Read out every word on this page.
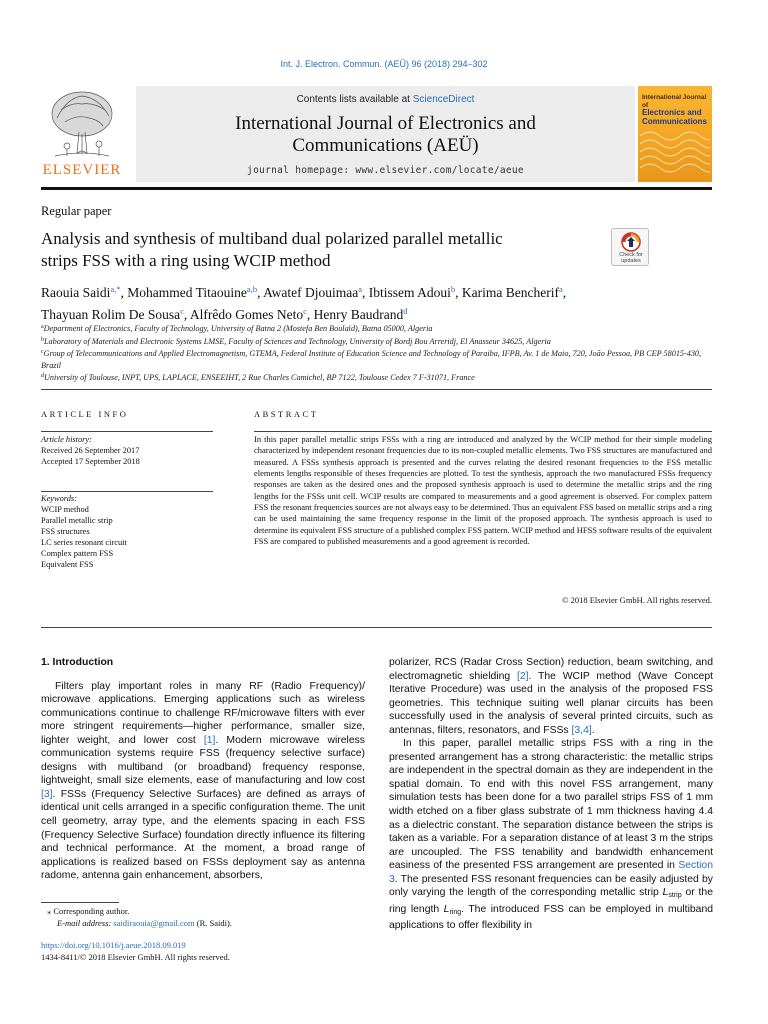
Int. J. Electron. Commun. (AEÜ) 96 (2018) 294–302
ELSEVIER
Contents lists available at ScienceDirect
International Journal of Electronics and
Communications (AEÜ)
journal homepage: www.elsevier.com/locate/aeue
International Journal of
Electronics and
Communications
Regular paper
Analysis and synthesis of multiband dual polarized parallel metallic
strips FSS with a ring using WCIP method	Check for
updates
Raouia Saidi$^{a,*}$, Mohammed Titaouine$^{a,b}$, Awatef Djouimaa$^a$, Ibtissem Adoui$^b$, Karima Bencherif$^a$,
Thayuan Rolim De Sousa$^c$, Alfrêdo Gomes Neto$^c$, Henry Baudrand$^d$
$^a$Department of Electronics, Faculty of Technology, University of Batna 2 (Mostefa Ben Boulaïd), Batna 05000, Algeria
$^b$Laboratory of Materials and Electronic Systems LMSE, Faculty of Sciences and Technology, University of Bordj Bou Arreridj, El Anasseur 34625, Algeria
$^c$Group of Telecommunications and Applied Electromagnetism, GTEMA, Federal Institute of Education Science and Technology of Paraiba, IFPB, Av. 1 de Maio, 720, João Pessoa, PB CEP 58015-430, Brazil
$^d$University of Toulouse, INPT, UPS, LAPLACE, ENSEEIHT, 2 Rue Charles Camichel, BP 7122, Toulouse Cedex 7 F-31071, France
ARTICLE INFO	ABSTRACT
Article history:
Received 26 September 2017
Accepted 17 September 2018
Keywords:
WCIP method
Parallel metallic strip
FSS structures
LC series resonant circuit
Complex pattern FSS
Equivalent FSS
In this paper parallel metallic strips FSSs with a ring are introduced and analyzed by the WCIP method for their simple modeling characterized by independent resonant frequencies due to its non-coupled metallic elements. Two FSS structures are manufactured and measured. A FSSs synthesis approach is presented and the curves relating the desired resonant frequencies to the FSS metallic elements lengths responsible of theses frequencies are plotted. To test the synthesis, approach the two manufactured FSSs frequency responses are taken as the desired ones and the proposed synthesis approach is used to determine the metallic strips and the ring lengths for the FSSs unit cell. WCIP results are compared to measurements and a good agreement is observed. For complex pattern FSS the resonant frequencies sources are not always easy to be determined. Thus an equivalent FSS based on metallic strips and a ring can be used maintaining the same frequency response in the limit of the proposed approach. The synthesis approach is used to determine its equivalent FSS structure of a published complex FSS pattern. WCIP method and HFSS software results of the equivalent FSS are compared to published measurements and a good agreement is recorded.
© 2018 Elsevier GmbH. All rights reserved.
1. Introduction

Filters play important roles in many RF (Radio Frequency)/ microwave applications. Emerging applications such as wireless communications continue to challenge RF/microwave filters with ever more stringent requirements—higher performance, smaller size, lighter weight, and lower cost [1]. Modern microwave wireless communication systems require FSS (frequency selective surface) designs with multiband (or broadband) frequency response, lightweight, small size elements, ease of manufacturing and low cost [3]. FSSs (Frequency Selective Surfaces) are defined as arrays of identical unit cells arranged in a specific configuration theme. The unit cell geometry, array type, and the elements spacing in each FSS (Frequency Selective Surface) foundation directly influence its filtering and technical performance. At the moment, a broad range of applications is realized based on FSSs deployment say as antenna radome, antenna gain enhancement, absorbers,

polarizer, RCS (Radar Cross Section) reduction, beam switching, and electromagnetic shielding [2]. The WCIP method (Wave Concept Iterative Procedure) was used in the analysis of the proposed FSS geometries. This technique suiting well planar circuits has been successfully used in the analysis of several printed circuits, such as antennas, filters, resonators, and FSSs [3,4].

In this paper, parallel metallic strips FSS with a ring in the presented arrangement has a strong characteristic: the metallic strips are independent in the spectral domain as they are independent in the spatial domain. To end with this novel FSS arrangement, many simulation tests has been done for a two parallel strips FSS of 1 mm width etched on a fiber glass substrate of 1 mm thickness having 4.4 as a dielectric constant. The separation distance between the strips is taken as a variable. For a separation distance of at least 3 m the strips are uncoupled. The FSS tenability and bandwidth enhancement easiness of the presented FSS arrangement are presented in Section 3. The presented FSS resonant frequencies can be easily adjusted by only varying the length of the corresponding metallic strip $L_{strip}$ or the ring length $L_{ring}$. The introduced FSS can be employed in multiband applications to offer flexibility in

⁎ Corresponding author.
E-mail address: saidiraouia@gmail.com (R. Saidi).
https://doi.org/10.1016/j.aeue.2018.09.019
1434-8411/© 2018 Elsevier GmbH. All rights reserved.
